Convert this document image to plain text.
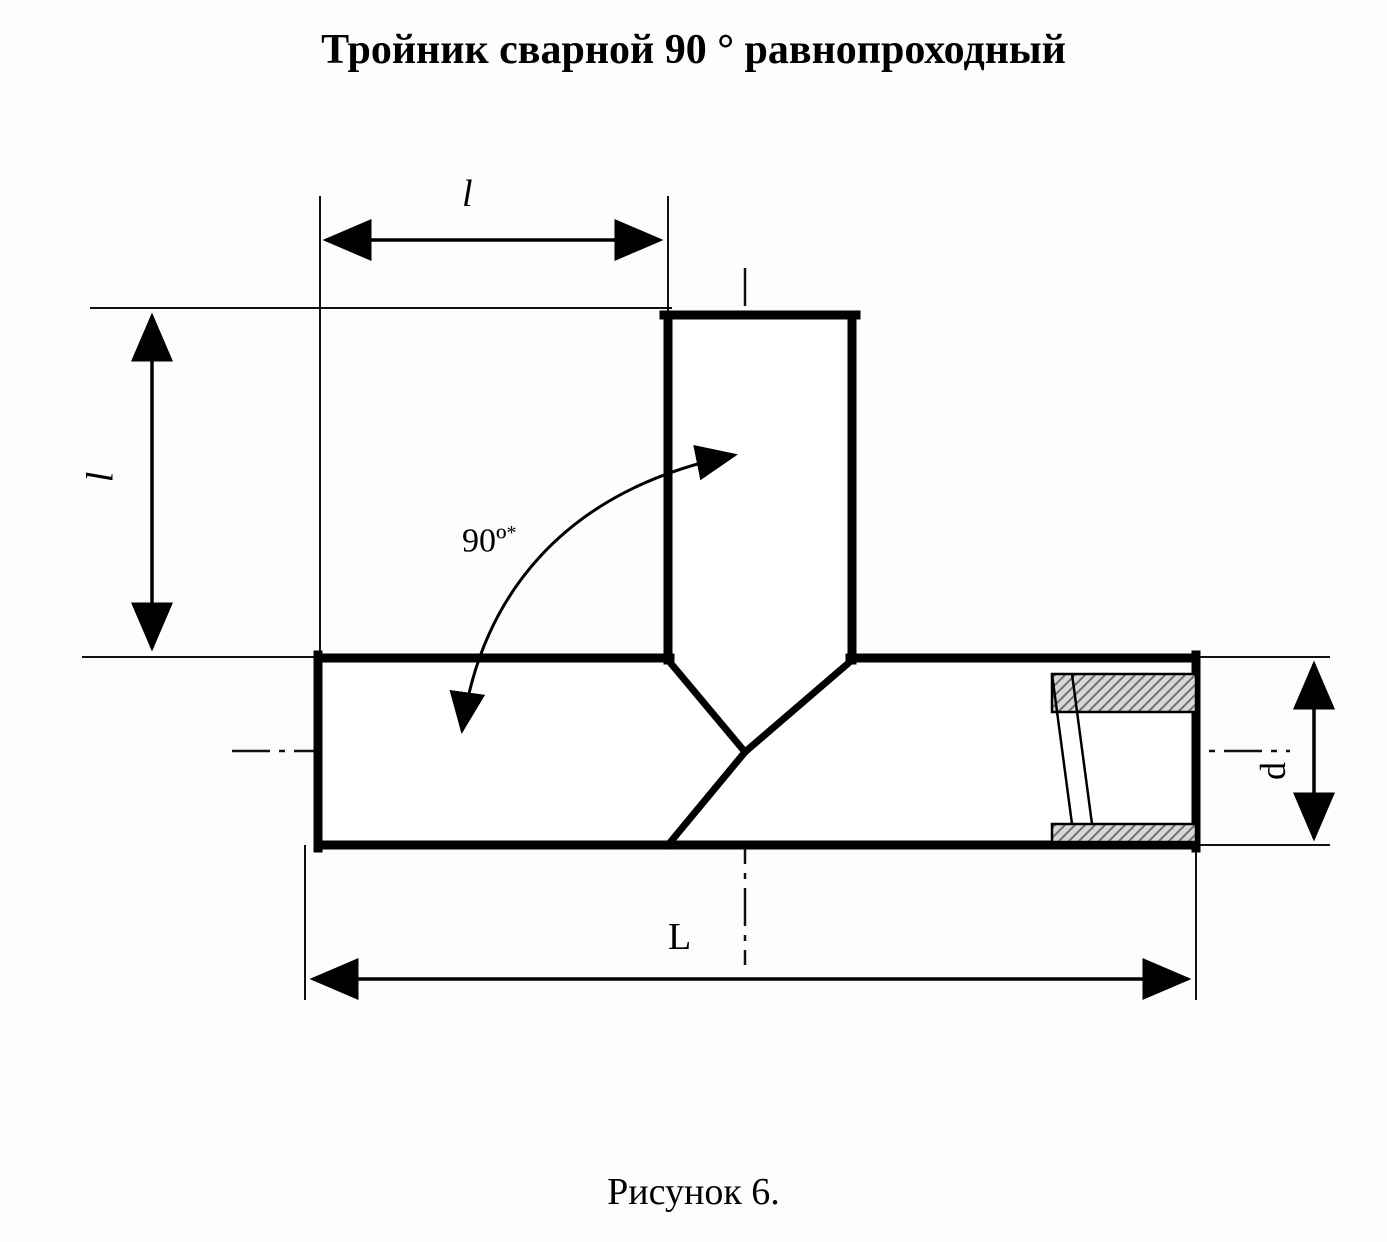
Тройник сварной 90 ° равнопроходный
l
l
90º*
d
L
Рисунок 6.
